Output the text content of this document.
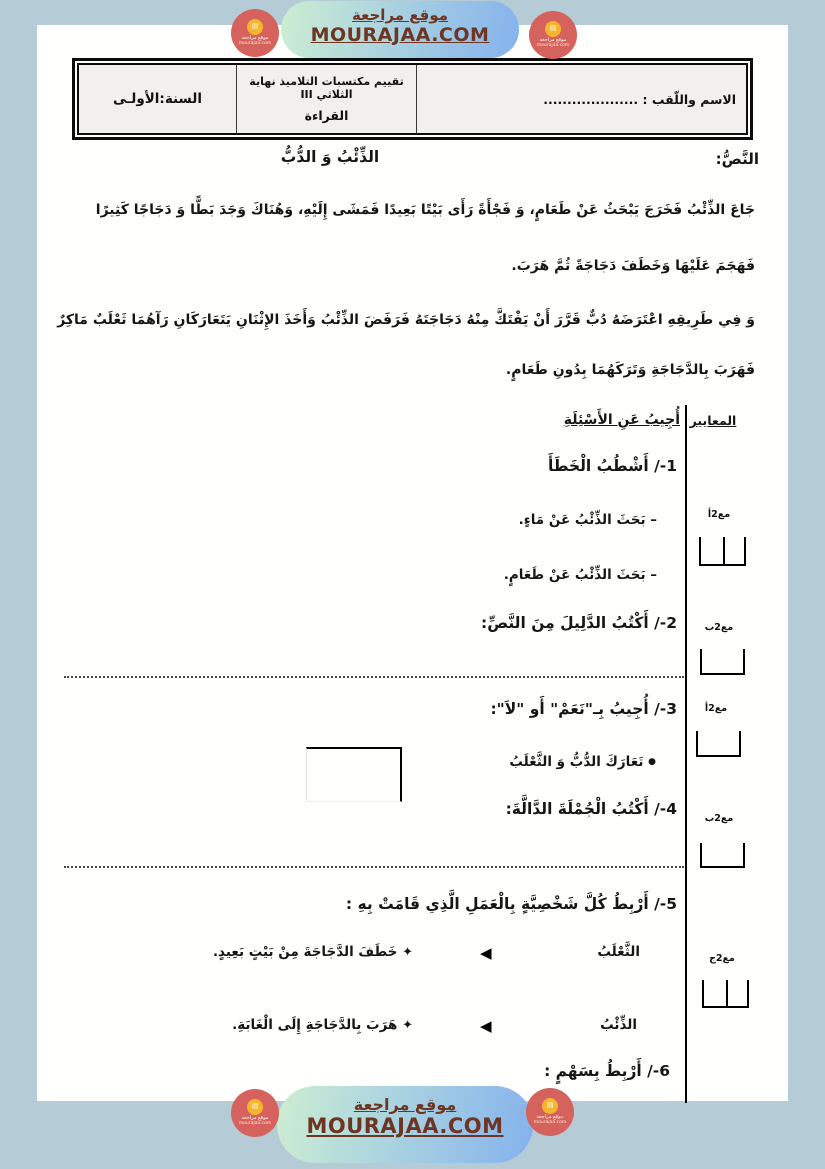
الاسم واللّقب : ....................
تقييم مكتسبات التلاميذ نهاية الثلاثي III
القراءة
السنة:الأولـى
النَّصُّ:
الذِّئْبُ وَ الدُّبُّ
جَاعَ الذِّئْبُ فَخَرَجَ يَبْحَثُ عَنْ طَعَامٍ، وَ فَجْأَةً رَأَى بَيْتًا بَعِيدًا فَمَشَى إِلَيْهِ، وَهُنَاكَ وَجَدَ بَطًّا وَ دَجَاجًا كَثِيرًا
فَهَجَمَ عَلَيْهَا وَخَطَفَ دَجَاجَةً ثُمَّ هَرَبَ.
وَ فِي طَرِيقِهِ اعْتَرَضَهُ دُبٌّ قَرَّرَ أَنْ يَفْتَكَّ مِنْهُ دَجَاجَتَهُ فَرَفَضَ الذِّئْبُ وَأَخَذَ الإِثْنَانِ يَتَعَارَكَانِ رَآهُمَا ثَعْلَبٌ مَاكِرٌ
فَهَرَبَ بِالدَّجَاجَةِ وَتَرَكَهُمَا بِدُونِ طَعَامٍ.
المعايير
مع2أ
مع2ب
مع2أ
مع2ب
مع2ج
أُجِيبُ عَنِ الأَسْئِلَةِ
1-/ أَشْطُبُ الْخَطَأَ
– بَحَثَ الذِّئْبُ عَنْ مَاءٍ.
– بَحَثَ الذِّئْبُ عَنْ طَعَامٍ.
2-/ أَكْتُبُ الدَّلِيلَ مِنَ النَّصِّ:
3-/ أُجِيبُ بِـ"نَعَمْ" أَو "لاَ":
● تَعَارَكَ الدُّبُّ وَ الثَّعْلَبُ
4-/ أَكْتُبُ الْجُمْلَةَ الدَّالَّةَ:
5-/ أَرْبِطُ كُلَّ شَخْصِيَّةٍ بِالْعَمَلِ الَّذِي قَامَتْ بِهِ :
الثَّعْلَبُ
◀
✦ خَطَفَ الدَّجَاجَةَ مِنْ بَيْتٍ بَعِيدٍ.
الذِّئْبُ
◀
✦ هَرَبَ بِالدَّجَاجَةِ إِلَى الْغَابَةِ.
6-/ أَرْبِطُ بِسَهْمٍ :
موقع مراجعة
MOURAJAA.COM
▤
موقع مراجعة
mourajaa.com
▤
موقع مراجعة
mourajaa.com
موقع مراجعة
MOURAJAA.COM
▤
موقع مراجعة
mourajaa.com
▤
موقع مراجعة
mourajaa.com
